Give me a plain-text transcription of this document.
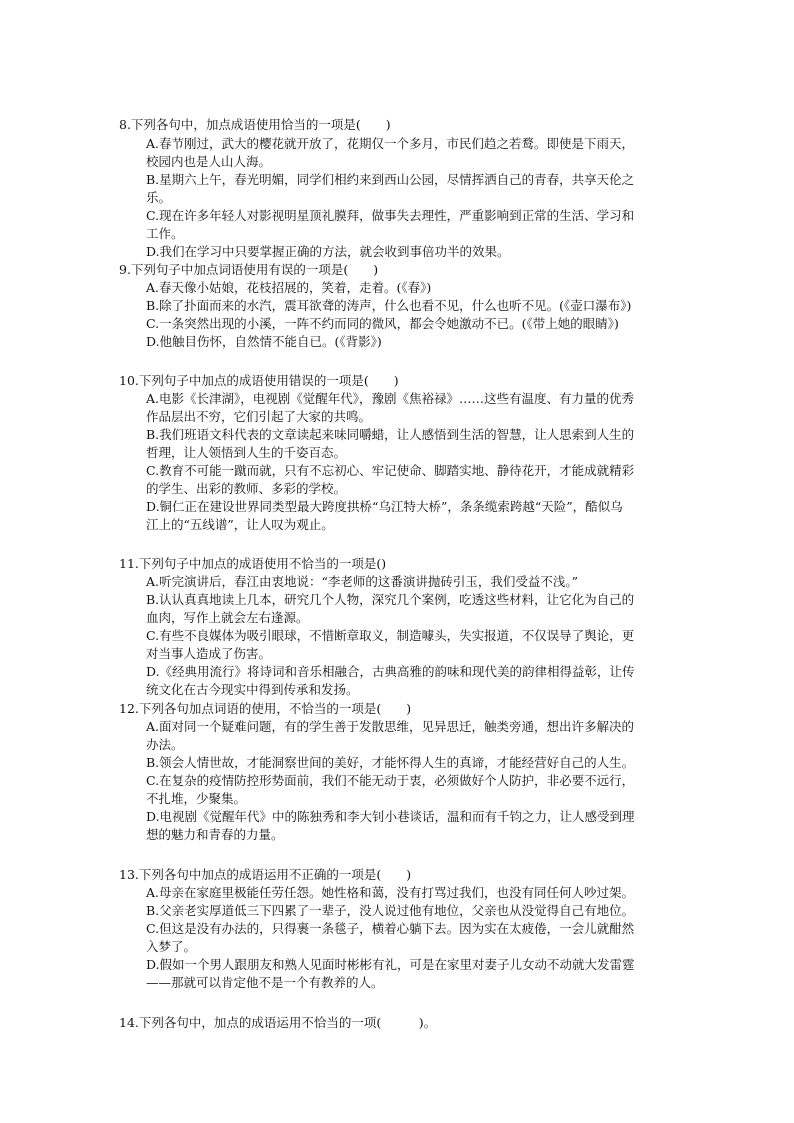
8.下列各句中，加点成语使用恰当的一项是(　　)
A.春节刚过，武大的樱花就开放了，花期仅一个多月，市民们趋之若鹜。即使是下雨天，
校园内也是人山人海。
B.星期六上午，春光明媚，同学们相约来到西山公园，尽情挥洒自己的青春，共享天伦之
乐。
C.现在许多年轻人对影视明星顶礼膜拜，做事失去理性，严重影响到正常的生活、学习和
工作。
D.我们在学习中只要掌握正确的方法，就会收到事倍功半的效果。
9.下列句子中加点词语使用有误的一项是(　　)
A.春天像小姑娘，花枝招展的，笑着，走着。(《春》)
B.除了扑面而来的水汽，震耳欲聋的涛声，什么也看不见，什么也听不见。(《壶口瀑布》)
C.一条突然出现的小溪，一阵不约而同的微风，都会令她激动不已。(《带上她的眼睛》)
D.他触目伤怀，自然情不能自已。(《背影》)
10.下列句子中加点的成语使用错误的一项是(　　)
A.电影《长津湖》，电视剧《觉醒年代》，豫剧《焦裕禄》……这些有温度、有力量的优秀
作品层出不穷，它们引起了大家的共鸣。
B.我们班语文科代表的文章读起来味同嚼蜡，让人感悟到生活的智慧，让人思索到人生的
哲理，让人领悟到人生的千姿百态。
C.教育不可能一蹴而就，只有不忘初心、牢记使命、脚踏实地、静待花开，才能成就精彩
的学生、出彩的教师、多彩的学校。
D.铜仁正在建设世界同类型最大跨度拱桥“乌江特大桥”，条条缆索跨越“天险”，酷似乌
江上的“五线谱”，让人叹为观止。
11.下列句子中加点的成语使用不恰当的一项是()
A.听完演讲后，春江由衷地说：“李老师的这番演讲抛砖引玉，我们受益不浅。”
B.认认真真地读上几本，研究几个人物，深究几个案例，吃透这些材料，让它化为自己的
血肉，写作上就会左右逢源。
C.有些不良媒体为吸引眼球，不惜断章取义，制造噱头，失实报道，不仅误导了舆论，更
对当事人造成了伤害。
D.《经典用流行》将诗词和音乐相融合，古典高雅的韵味和现代美的韵律相得益彰，让传
统文化在古今现实中得到传承和发扬。
12.下列各句加点词语的使用，不恰当的一项是(　　)
A.面对同一个疑难问题，有的学生善于发散思维，见异思迁，触类旁通，想出许多解决的
办法。
B.领会人情世故，才能洞察世间的美好，才能怀得人生的真谛，才能经营好自己的人生。
C.在复杂的疫情防控形势面前，我们不能无动于衷，必须做好个人防护，非必要不远行，
不扎堆，少聚集。
D.电视剧《觉醒年代》中的陈独秀和李大钊小巷谈话，温和而有千钧之力，让人感受到理
想的魅力和青春的力量。
13.下列各句中加点的成语运用不正确的一项是(　　)
A.母亲在家庭里极能任劳任怨。她性格和蔼，没有打骂过我们，也没有同任何人吵过架。
B.父亲老实厚道低三下四累了一辈子，没人说过他有地位，父亲也从没觉得自己有地位。
C.但这是没有办法的，只得裹一条毯子，横着心躺下去。因为实在太疲倦，一会儿就酣然
入梦了。
D.假如一个男人跟朋友和熟人见面时彬彬有礼，可是在家里对妻子儿女动不动就大发雷霆
——那就可以肯定他不是一个有教养的人。
14.下列各句中，加点的成语运用不恰当的一项(　　　)。
